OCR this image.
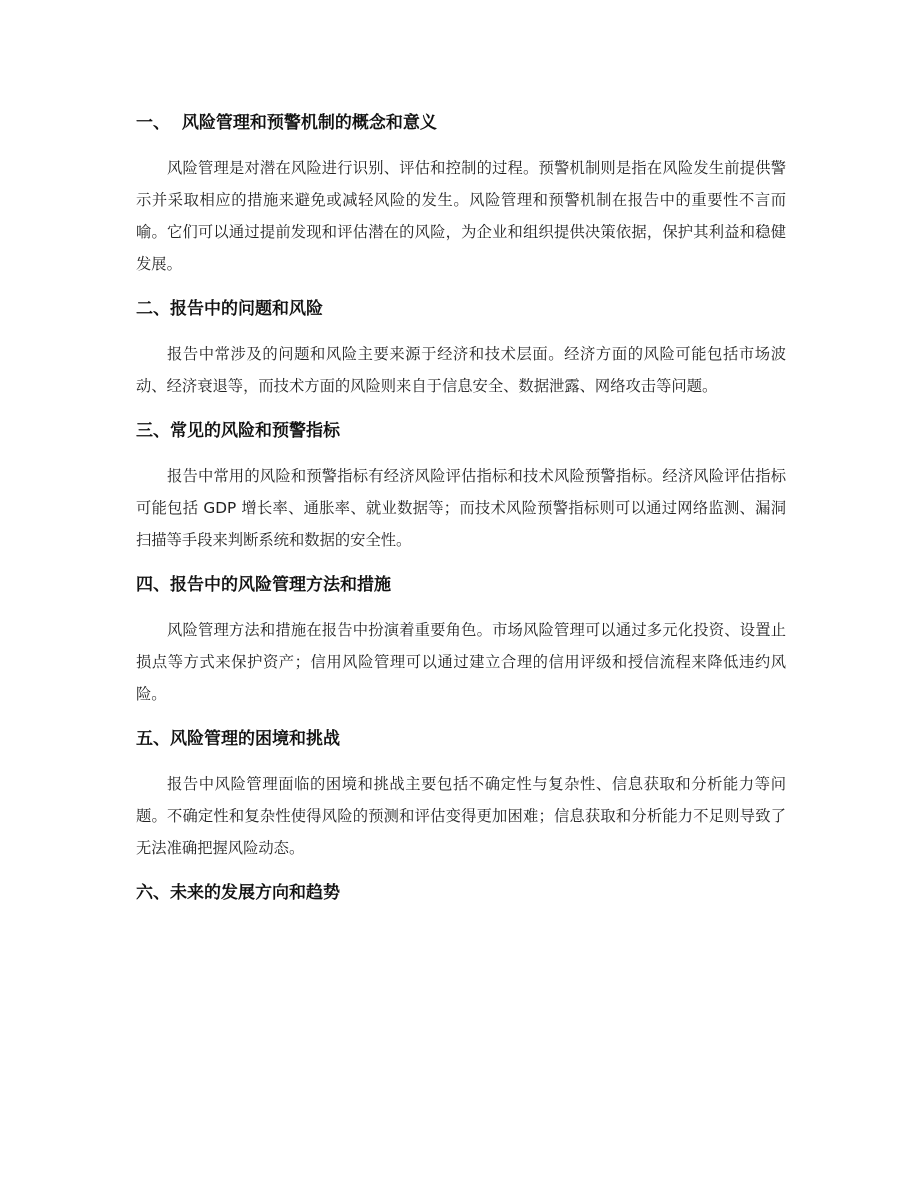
一、  风险管理和预警机制的概念和意义

风险管理是对潜在风险进行识别、评估和控制的过程。预警机制则是指在风险发生前提供警示并采取相应的措施来避免或减轻风险的发生。风险管理和预警机制在报告中的重要性不言而喻。它们可以通过提前发现和评估潜在的风险，为企业和组织提供决策依据，保护其利益和稳健发展。

二、报告中的问题和风险

报告中常涉及的问题和风险主要来源于经济和技术层面。经济方面的风险可能包括市场波动、经济衰退等，而技术方面的风险则来自于信息安全、数据泄露、网络攻击等问题。

三、常见的风险和预警指标

报告中常用的风险和预警指标有经济风险评估指标和技术风险预警指标。经济风险评估指标可能包括 GDP 增长率、通胀率、就业数据等；而技术风险预警指标则可以通过网络监测、漏洞扫描等手段来判断系统和数据的安全性。

四、报告中的风险管理方法和措施

风险管理方法和措施在报告中扮演着重要角色。市场风险管理可以通过多元化投资、设置止损点等方式来保护资产；信用风险管理可以通过建立合理的信用评级和授信流程来降低违约风险。

五、风险管理的困境和挑战

报告中风险管理面临的困境和挑战主要包括不确定性与复杂性、信息获取和分析能力等问题。不确定性和复杂性使得风险的预测和评估变得更加困难；信息获取和分析能力不足则导致了无法准确把握风险动态。

六、未来的发展方向和趋势
